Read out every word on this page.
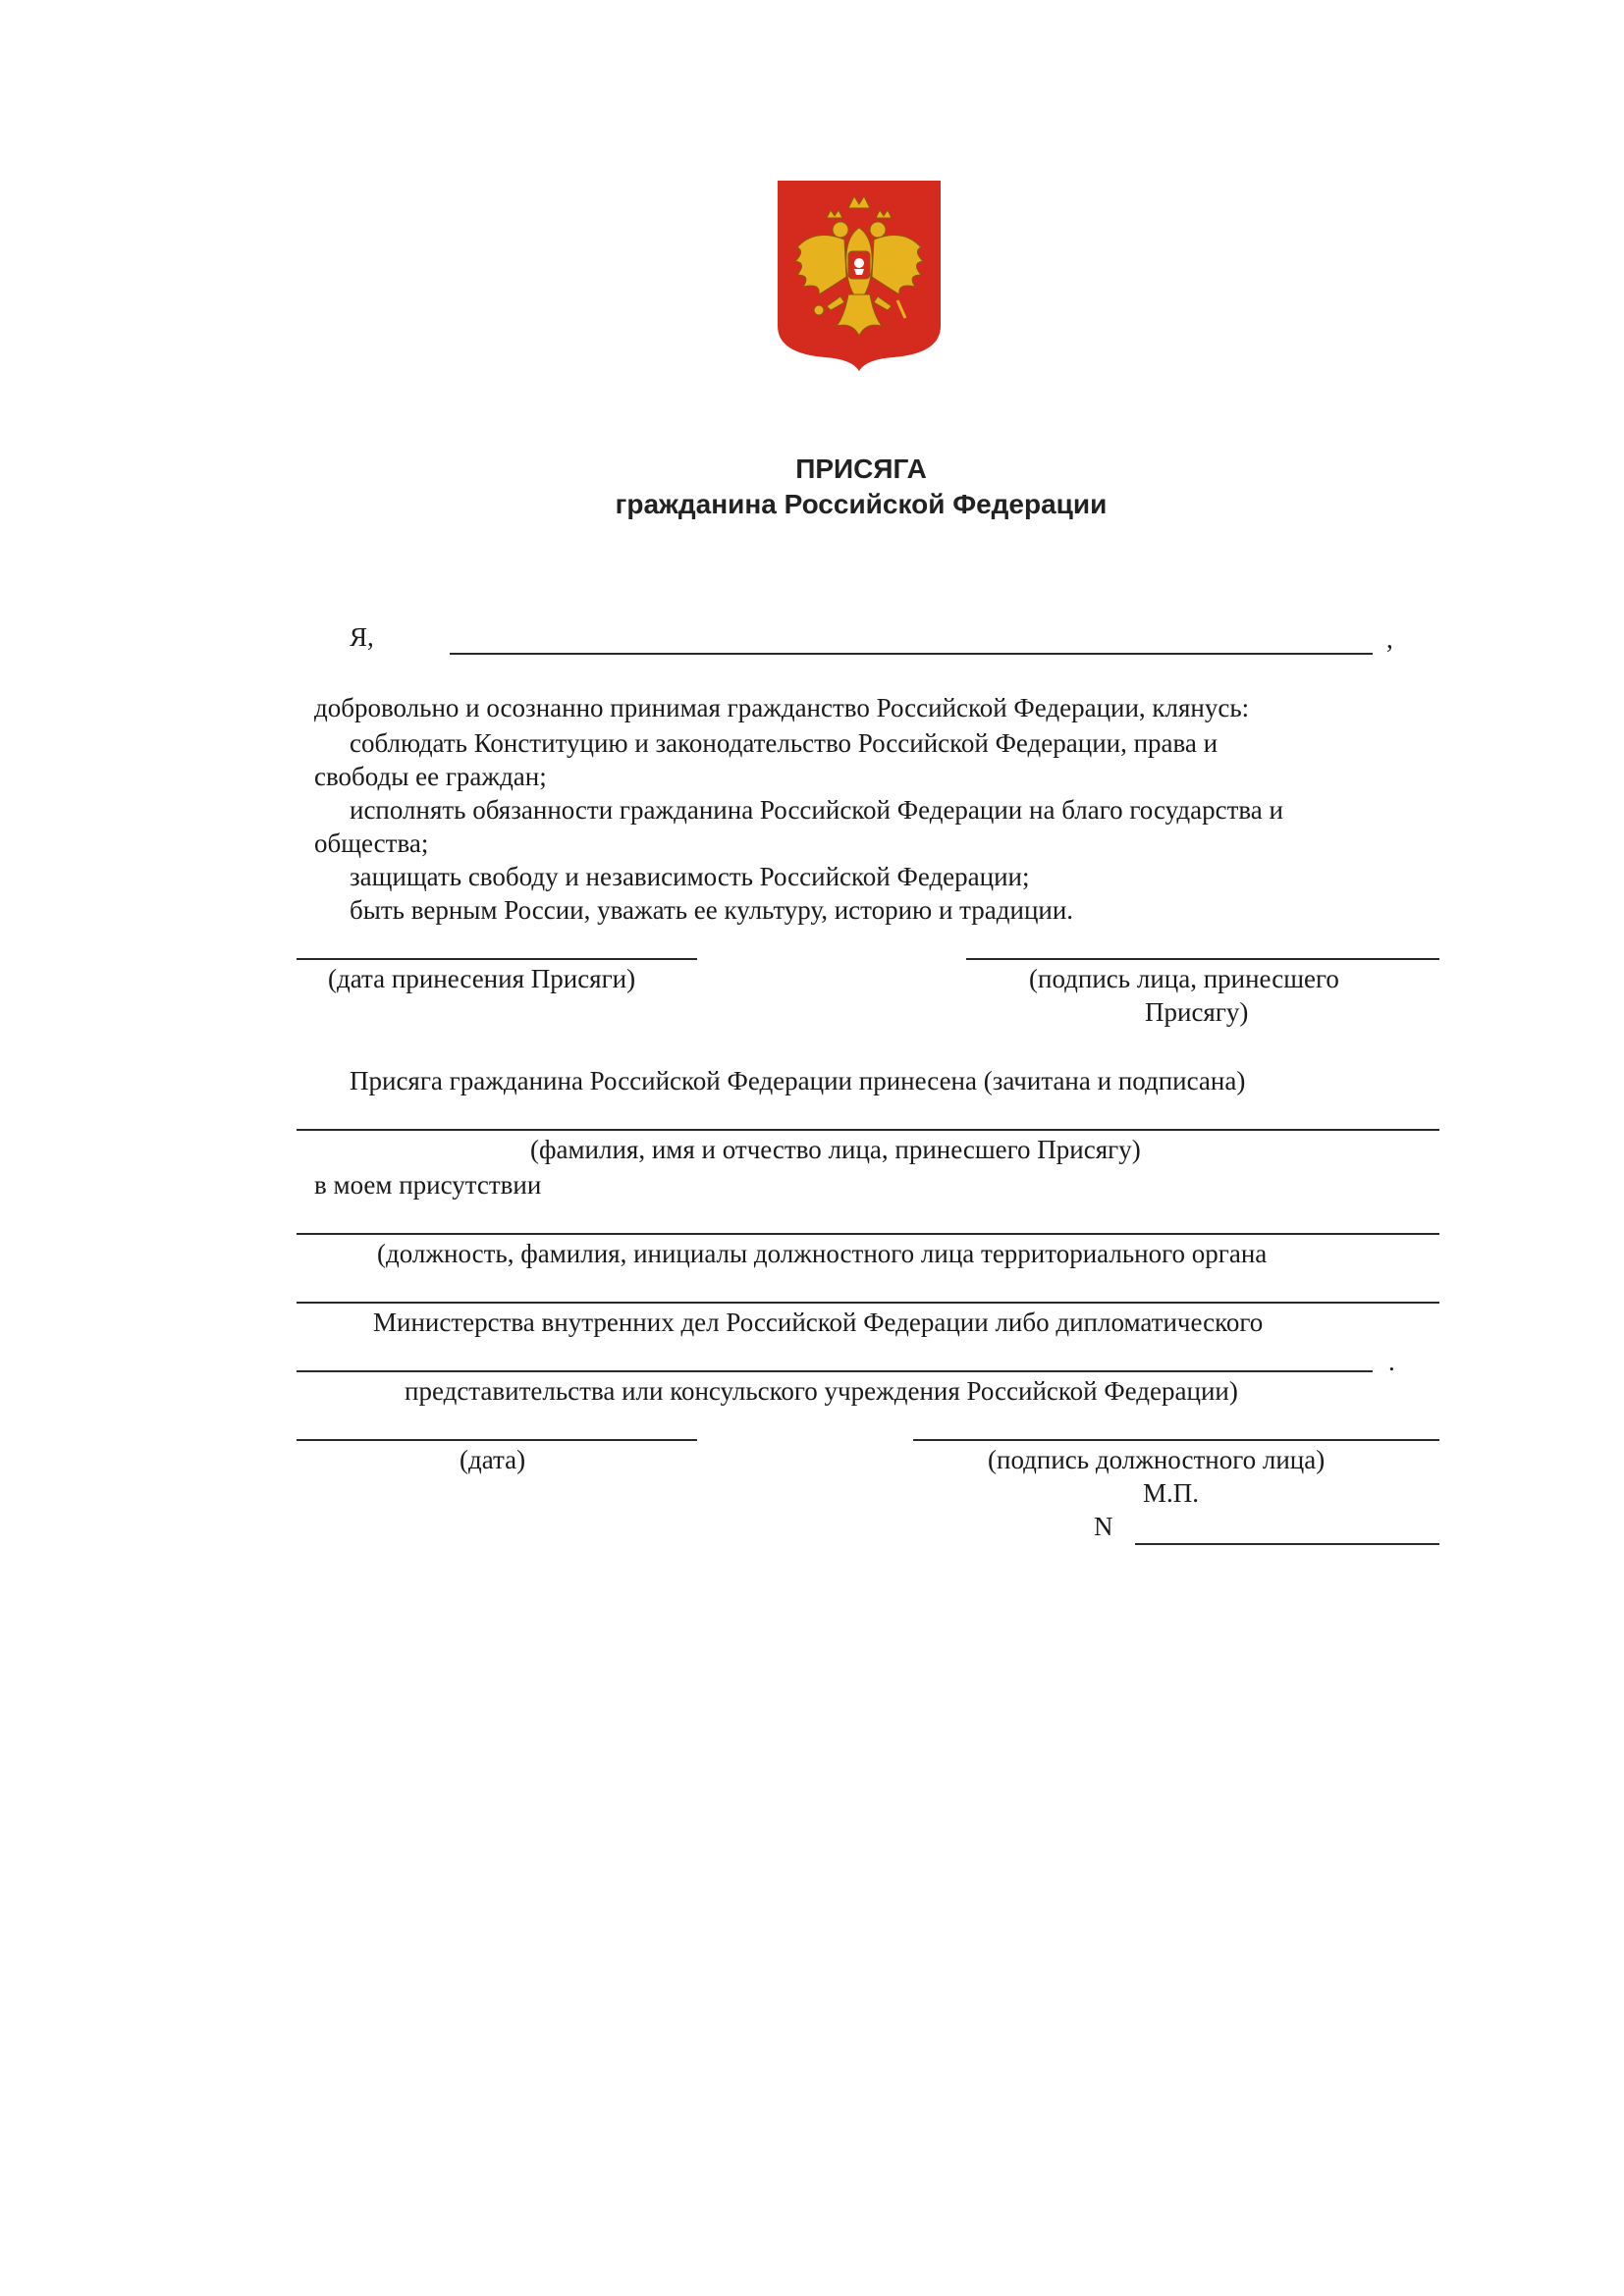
ПРИСЯГА
гражданина Российской Федерации
Я,	,
добровольно и осознанно принимая гражданство Российской Федерации, клянусь:
соблюдать Конституцию и законодательство Российской Федерации, права и
свободы ее граждан;
исполнять обязанности гражданина Российской Федерации на благо государства и
общества;
защищать свободу и независимость Российской Федерации;
быть верным России, уважать ее культуру, историю и традиции.
(дата принесения Присяги)	(подпись лица, принесшего
Присягу)
Присяга гражданина Российской Федерации принесена (зачитана и подписана)
(фамилия, имя и отчество лица, принесшего Присягу)
в моем присутствии
(должность, фамилия, инициалы должностного лица территориального органа
Министерства внутренних дел Российской Федерации либо дипломатического
.
представительства или консульского учреждения Российской Федерации)
(дата)	(подпись должностного лица)
М.П.
N
